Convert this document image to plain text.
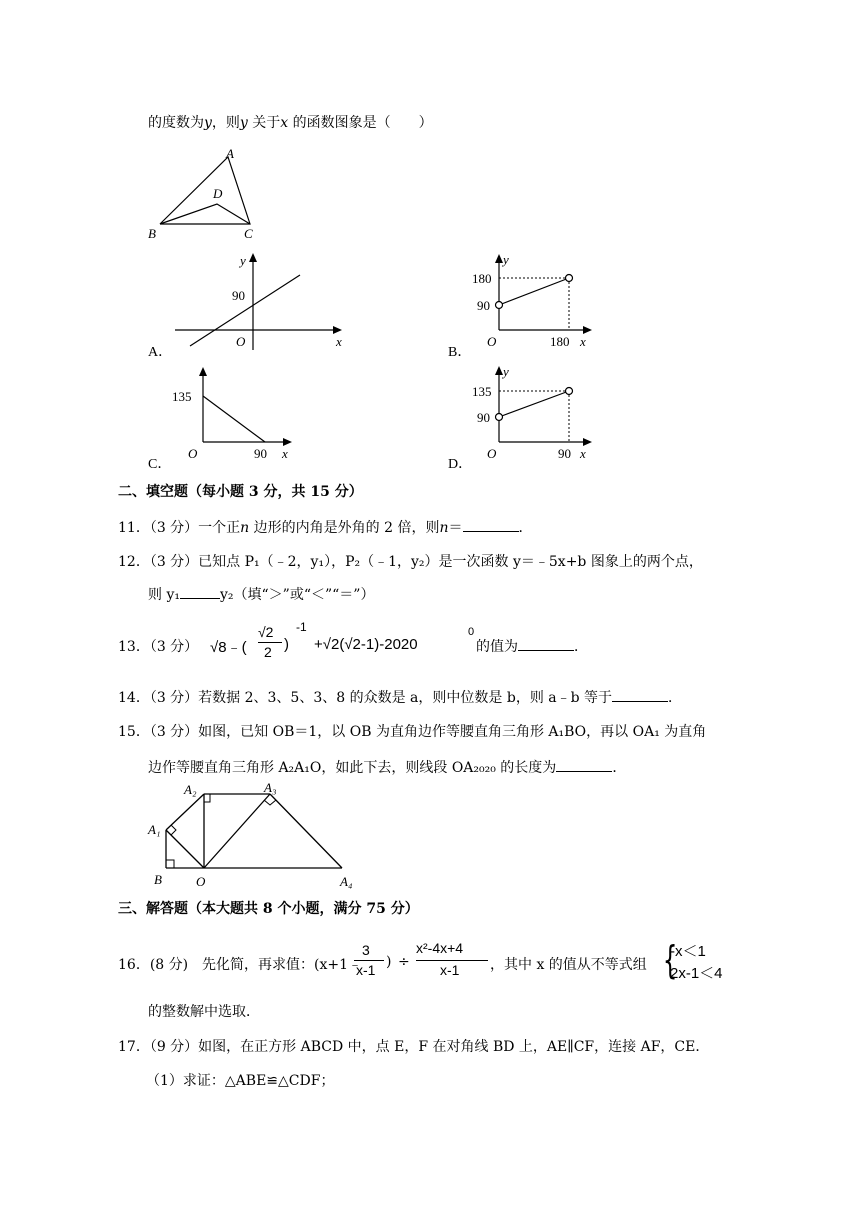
的度数为y，则y 关于x 的函数图象是（　　）
A
B	C
D
A．
y
x
O
90
B．
y
180
90
O	180 x
C．
135
O	90 x
D．
y
135
90
O	90 x
二、填空题（每小题 3 分，共 15 分）
11．（3 分）一个正n 边形的内角是外角的 2 倍，则n＝	．
12．（3 分）已知点 P₁（﹣2，y₁），P₂（﹣1，y₂）是一次函数 y＝﹣5x+b 图象上的两个点，
则 y₁	y₂（填“＞”或“＜”“＝”）
13．（3 分） √8﹣(
√2
2 )
-1
+√2(√2-1)-2020
0
的值为	．
14．（3 分）若数据 2、3、5、3、8 的众数是 a，则中位数是 b，则 a﹣b 等于	．
15．（3 分）如图，已知 OB＝1，以 OB 为直角边作等腰直角三角形 A₁BO，再以 OA₁ 为直角
边作等腰直角三角形 A₂A₁O，如此下去，则线段 OA₂₀₂₀ 的长度为	．
A₂	A₃
A₁
B	O	A₄
三、解答题（本大题共 8 个小题，满分 75 分）
16．(8 分) 先化简，再求值：(x+1﹣
3
x-1 ) ÷
x²-4x+4
x-1 ，其中 x 的值从不等式组 {
-x＜1
2x-1＜4
的整数解中选取．
17．（9 分）如图，在正方形 ABCD 中，点 E，F 在对角线 BD 上，AE∥CF，连接 AF，CE．
（1）求证：△ABE≌△CDF；
